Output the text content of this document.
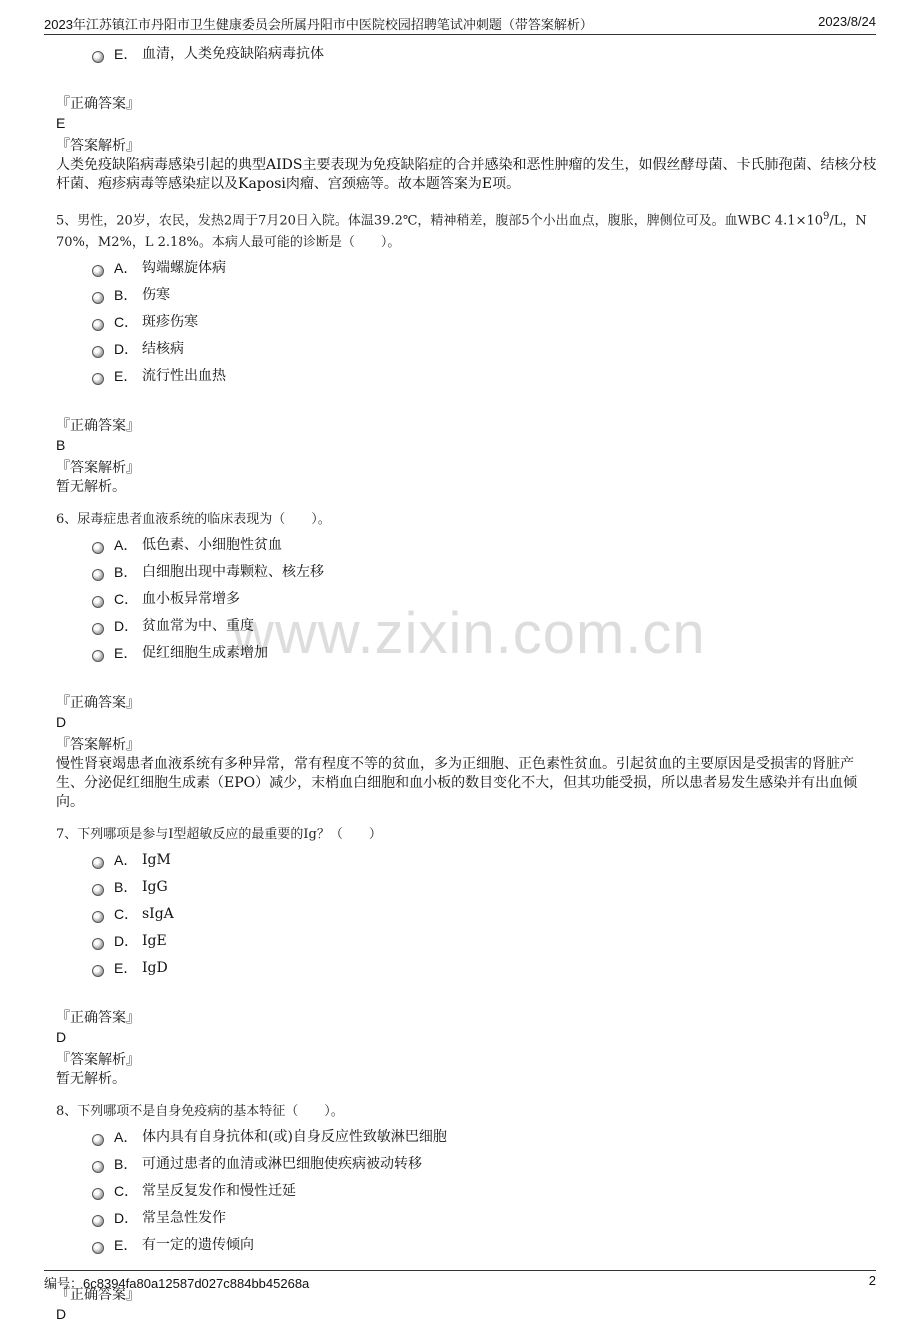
2023年江苏镇江市丹阳市卫生健康委员会所属丹阳市中医院校园招聘笔试冲刺题（带答案解析）	2023/8/24
www.zixin.com.cn
E． 血清，人类免疫缺陷病毒抗体
『正确答案』
E
『答案解析』
人类免疫缺陷病毒感染引起的典型AIDS主要表现为免疫缺陷症的合并感染和恶性肿瘤的发生，如假丝酵母菌、卡氏肺孢菌、结核分枝杆菌、疱疹病毒等感染症以及Kaposi肉瘤、宫颈癌等。故本题答案为E项。
5、男性，20岁，农民，发热2周于7月20日入院。体温39.2℃，精神稍差，腹部5个小出血点，腹胀，脾侧位可及。血WBC $4.1\times 10^9/L$，N 70%，M2%，L 2.18%。本病人最可能的诊断是（　　）。
A． 钩端螺旋体病
B． 伤寒
C． 斑疹伤寒
D． 结核病
E． 流行性出血热
『正确答案』
B
『答案解析』
暂无解析。
6、尿毒症患者血液系统的临床表现为（　　）。
A． 低色素、小细胞性贫血
B． 白细胞出现中毒颗粒、核左移
C． 血小板异常增多
D． 贫血常为中、重度
E． 促红细胞生成素增加
『正确答案』
D
『答案解析』
慢性肾衰竭患者血液系统有多种异常，常有程度不等的贫血，多为正细胞、正色素性贫血。引起贫血的主要原因是受损害的肾脏产生、分泌促红细胞生成素（EPO）减少，末梢血白细胞和血小板的数目变化不大，但其功能受损，所以患者易发生感染并有出血倾向。
7、下列哪项是参与I型超敏反应的最重要的Ig？（　　）
A． IgM
B． IgG
C． sIgA
D． IgE
E． IgD
『正确答案』
D
『答案解析』
暂无解析。
8、下列哪项不是自身免疫病的基本特征（　　）。
A． 体内具有自身抗体和(或)自身反应性致敏淋巴细胞
B． 可通过患者的血清或淋巴细胞使疾病被动转移
C． 常呈反复发作和慢性迁延
D． 常呈急性发作
E． 有一定的遗传倾向
『正确答案』
D
编号：6c8394fa80a12587d027c884bb45268a	2
